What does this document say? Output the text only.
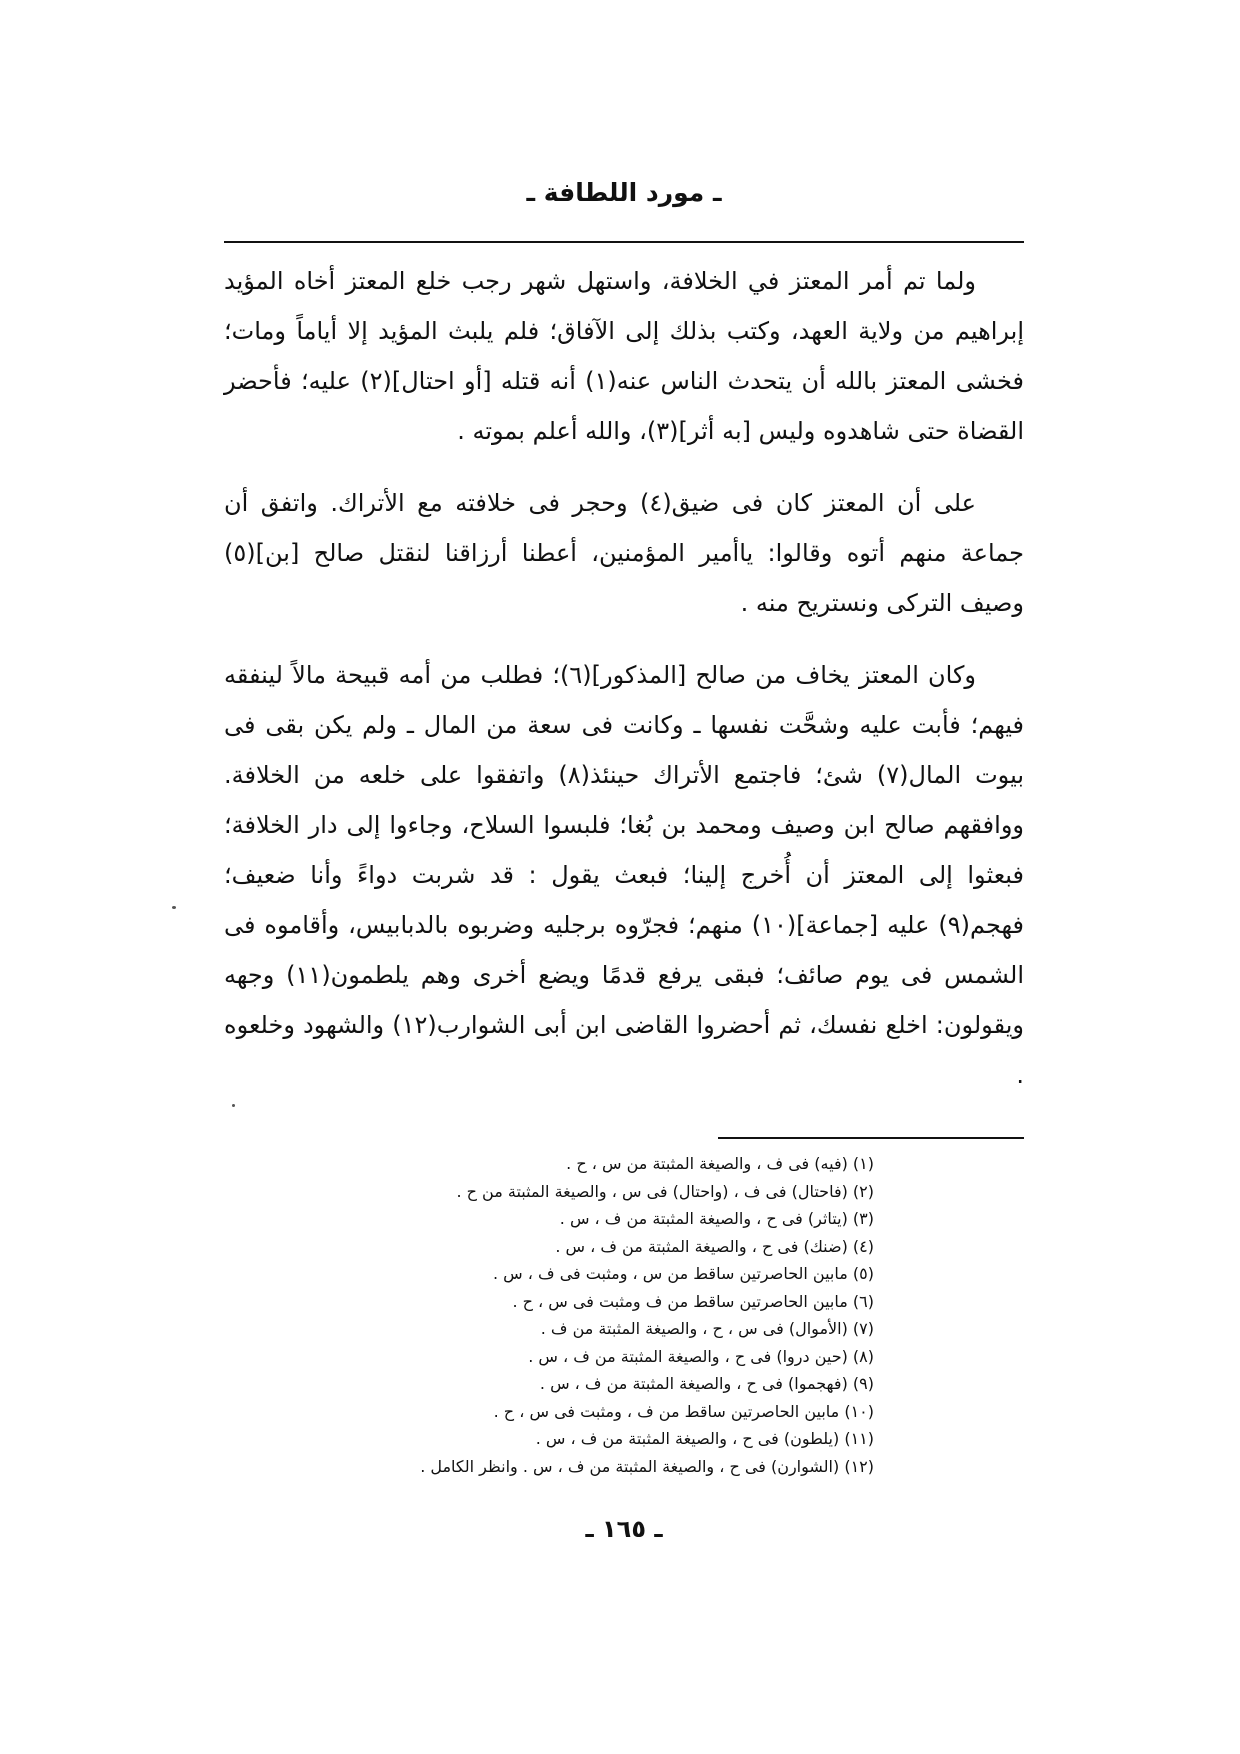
ـ مورد اللطافة ـ

ولما تم أمر المعتز في الخلافة، واستهل شهر رجب خلع المعتز أخاه المؤيد إبراهيم من ولاية العهد، وكتب بذلك إلى الآفاق؛ فلم يلبث المؤيد إلا أياماً ومات؛ فخشى المعتز بالله أن يتحدث الناس عنه(١) أنه قتله [أو احتال](٢) عليه؛ فأحضر القضاة حتى شاهدوه وليس [به أثر](٣)، والله أعلم بموته .

على أن المعتز كان فى ضيق(٤) وحجر فى خلافته مع الأتراك. واتفق أن جماعة منهم أتوه وقالوا: ياأمير المؤمنين، أعطنا أرزاقنا لنقتل صالح [بن](٥) وصيف التركى ونستريح منه .

وكان المعتز يخاف من صالح [المذكور](٦)؛ فطلب من أمه قبيحة مالاً لينفقه فيهم؛ فأبت عليه وشحَّت نفسها ـ وكانت فى سعة من المال ـ ولم يكن بقى فى بيوت المال(٧) شئ؛ فاجتمع الأتراك حينئذ(٨) واتفقوا على خلعه من الخلافة. ووافقهم صالح ابن وصيف ومحمد بن بُغا؛ فلبسوا السلاح، وجاءوا إلى دار الخلافة؛ فبعثوا إلى المعتز أن أُخرج إلينا؛ فبعث يقول : قد شربت دواءً وأنا ضعيف؛ فهجم(٩) عليه [جماعة](١٠) منهم؛ فجرّوه برجليه وضربوه بالدبابيس، وأقاموه فى الشمس فى يوم صائف؛ فبقى يرفع قدمًا ويضع أخرى وهم يلطمون(١١) وجهه ويقولون: اخلع نفسك، ثم أحضروا القاضى ابن أبى الشوارب(١٢) والشهود وخلعوه .

(١) (فيه) فى ف ، والصيغة المثبتة من س ، ح .

(٢) (فاحتال) فى ف ، (واحتال) فى س ، والصيغة المثبتة من ح .

(٣) (يتاثر) فى ح ، والصيغة المثبتة من ف ، س .

(٤) (ضنك) فى ح ، والصيغة المثبتة من ف ، س .

(٥) مابين الحاصرتين ساقط من س ، ومثبت فى ف ، س .

(٦) مابين الحاصرتين ساقط من ف ومثبت فى س ، ح .

(٧) (الأموال) فى س ، ح ، والصيغة المثبتة من ف .

(٨) (حين دروا) فى ح ، والصيغة المثبتة من ف ، س .

(٩) (فهجموا) فى ح ، والصيغة المثبتة من ف ، س .

(١٠) مابين الحاصرتين ساقط من ف ، ومثبت فى س ، ح .

(١١) (يلطون) فى ح ، والصيغة المثبتة من ف ، س .

(١٢) (الشوارن) فى ح ، والصيغة المثبتة من ف ، س . وانظر الكامل .

ـ ١٦٥ ـ
